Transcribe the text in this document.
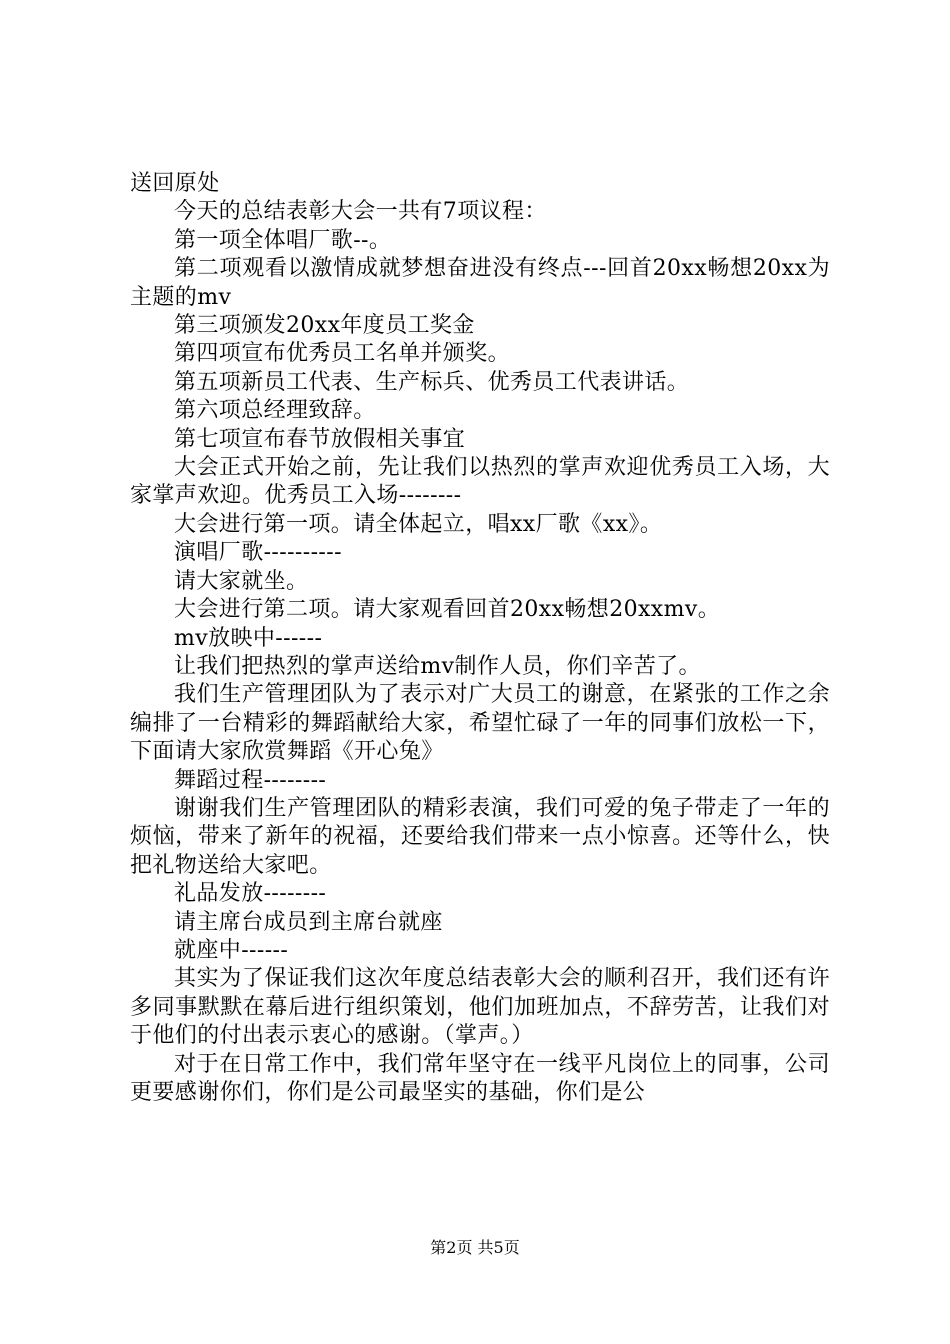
送回原处

今天的总结表彰大会一共有7项议程：

第一项全体唱厂歌--。

第二项观看以激情成就梦想奋进没有终点---回首20xx畅想20xx为主题的mv

第三项颁发20xx年度员工奖金

第四项宣布优秀员工名单并颁奖。

第五项新员工代表、生产标兵、优秀员工代表讲话。

第六项总经理致辞。

第七项宣布春节放假相关事宜

大会正式开始之前，先让我们以热烈的掌声欢迎优秀员工入场，大家掌声欢迎。优秀员工入场--------

大会进行第一项。请全体起立，唱xx厂歌《xx》。

演唱厂歌----------

请大家就坐。

大会进行第二项。请大家观看回首20xx畅想20xxmv。

mv放映中------

让我们把热烈的掌声送给mv制作人员，你们辛苦了。

我们生产管理团队为了表示对广大员工的谢意，在紧张的工作之余编排了一台精彩的舞蹈献给大家，希望忙碌了一年的同事们放松一下，下面请大家欣赏舞蹈《开心兔》

舞蹈过程--------

谢谢我们生产管理团队的精彩表演，我们可爱的兔子带走了一年的烦恼，带来了新年的祝福，还要给我们带来一点小惊喜。还等什么，快把礼物送给大家吧。

礼品发放--------

请主席台成员到主席台就座

就座中------

其实为了保证我们这次年度总结表彰大会的顺利召开，我们还有许多同事默默在幕后进行组织策划，他们加班加点，不辞劳苦，让我们对于他们的付出表示衷心的感谢。（掌声。）

对于在日常工作中，我们常年坚守在一线平凡岗位上的同事，公司更要感谢你们，你们是公司最坚实的基础，你们是公

第2页 共5页
